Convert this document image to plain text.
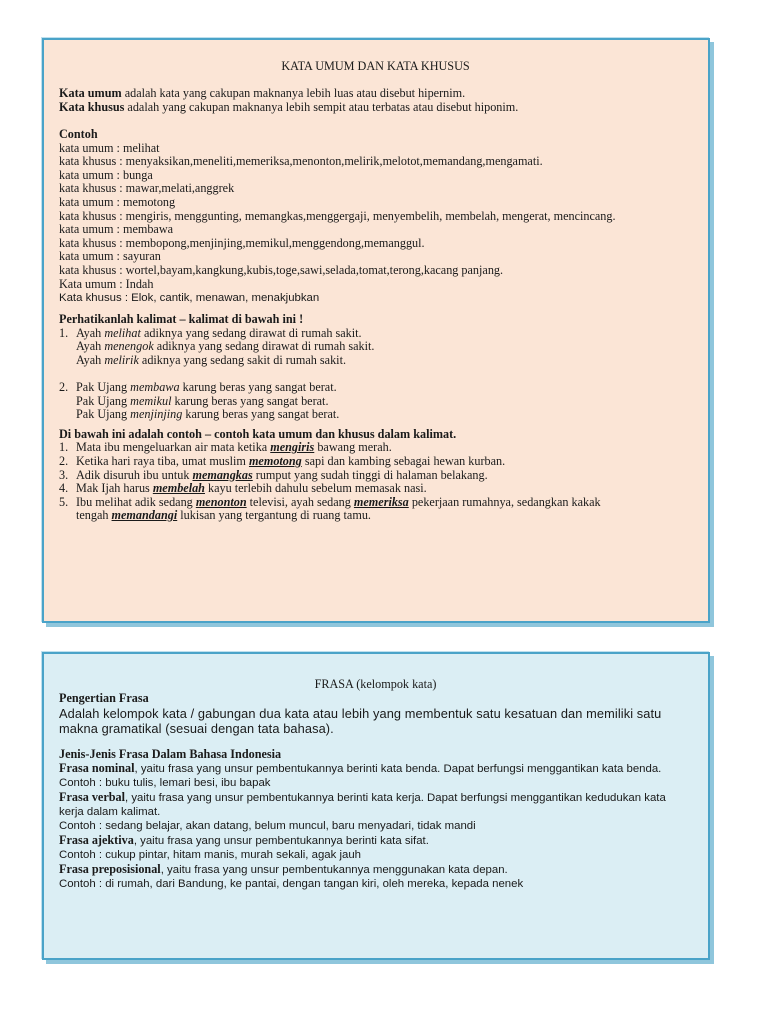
KATA UMUM DAN KATA KHUSUS
Kata umum adalah kata yang cakupan maknanya lebih luas atau disebut hipernim.
Kata khusus adalah yang cakupan maknanya lebih sempit atau terbatas atau disebut hiponim.
Contoh
kata umum : melihat
kata khusus : menyaksikan,meneliti,memeriksa,menonton,melirik,melotot,memandang,mengamati.
kata umum : bunga
kata khusus : mawar,melati,anggrek
kata umum : memotong
kata khusus : mengiris, menggunting, memangkas,menggergaji, menyembelih, membelah, mengerat, mencincang.
kata umum : membawa
kata khusus : membopong,menjinjing,memikul,menggendong,memanggul.
kata umum : sayuran
kata khusus : wortel,bayam,kangkung,kubis,toge,sawi,selada,tomat,terong,kacang panjang.
Kata umum : Indah
Kata khusus : Elok, cantik, menawan, menakjubkan
Perhatikanlah kalimat – kalimat di bawah ini !
1. Ayah melihat adiknya yang sedang dirawat di rumah sakit.
Ayah menengok adiknya yang sedang dirawat di rumah sakit.
Ayah melirik adiknya yang sedang sakit di rumah sakit.
2. Pak Ujang membawa karung beras yang sangat berat.
Pak Ujang memikul karung beras yang sangat berat.
Pak Ujang menjinjing karung beras yang sangat berat.
Di bawah ini adalah contoh – contoh kata umum dan khusus dalam kalimat.
1. Mata ibu mengeluarkan air mata ketika mengiris bawang merah.
2. Ketika hari raya tiba, umat muslim memotong sapi dan kambing sebagai hewan kurban.
3. Adik disuruh ibu untuk memangkas rumput yang sudah tinggi di halaman belakang.
4. Mak Ijah harus membelah kayu terlebih dahulu sebelum memasak nasi.
5. Ibu melihat adik sedang menonton televisi, ayah sedang memeriksa pekerjaan rumahnya, sedangkan kakak
tengah memandangi lukisan yang tergantung di ruang tamu.
FRASA (kelompok kata)
Pengertian Frasa
Adalah kelompok kata / gabungan dua kata atau lebih yang membentuk satu kesatuan dan memiliki satu makna gramatikal (sesuai dengan tata bahasa).
Jenis-Jenis Frasa Dalam Bahasa Indonesia
Frasa nominal, yaitu frasa yang unsur pembentukannya berinti kata benda. Dapat berfungsi menggantikan kata benda.
Contoh : buku tulis, lemari besi, ibu bapak
Frasa verbal, yaitu frasa yang unsur pembentukannya berinti kata kerja. Dapat berfungsi menggantikan kedudukan kata kerja dalam kalimat.
Contoh : sedang belajar, akan datang, belum muncul, baru menyadari, tidak mandi
Frasa ajektiva, yaitu frasa yang unsur pembentukannya berinti kata sifat.
Contoh : cukup pintar, hitam manis, murah sekali, agak jauh
Frasa preposisional, yaitu frasa yang unsur pembentukannya menggunakan kata depan.
Contoh : di rumah, dari Bandung, ke pantai, dengan tangan kiri, oleh mereka, kepada nenek
